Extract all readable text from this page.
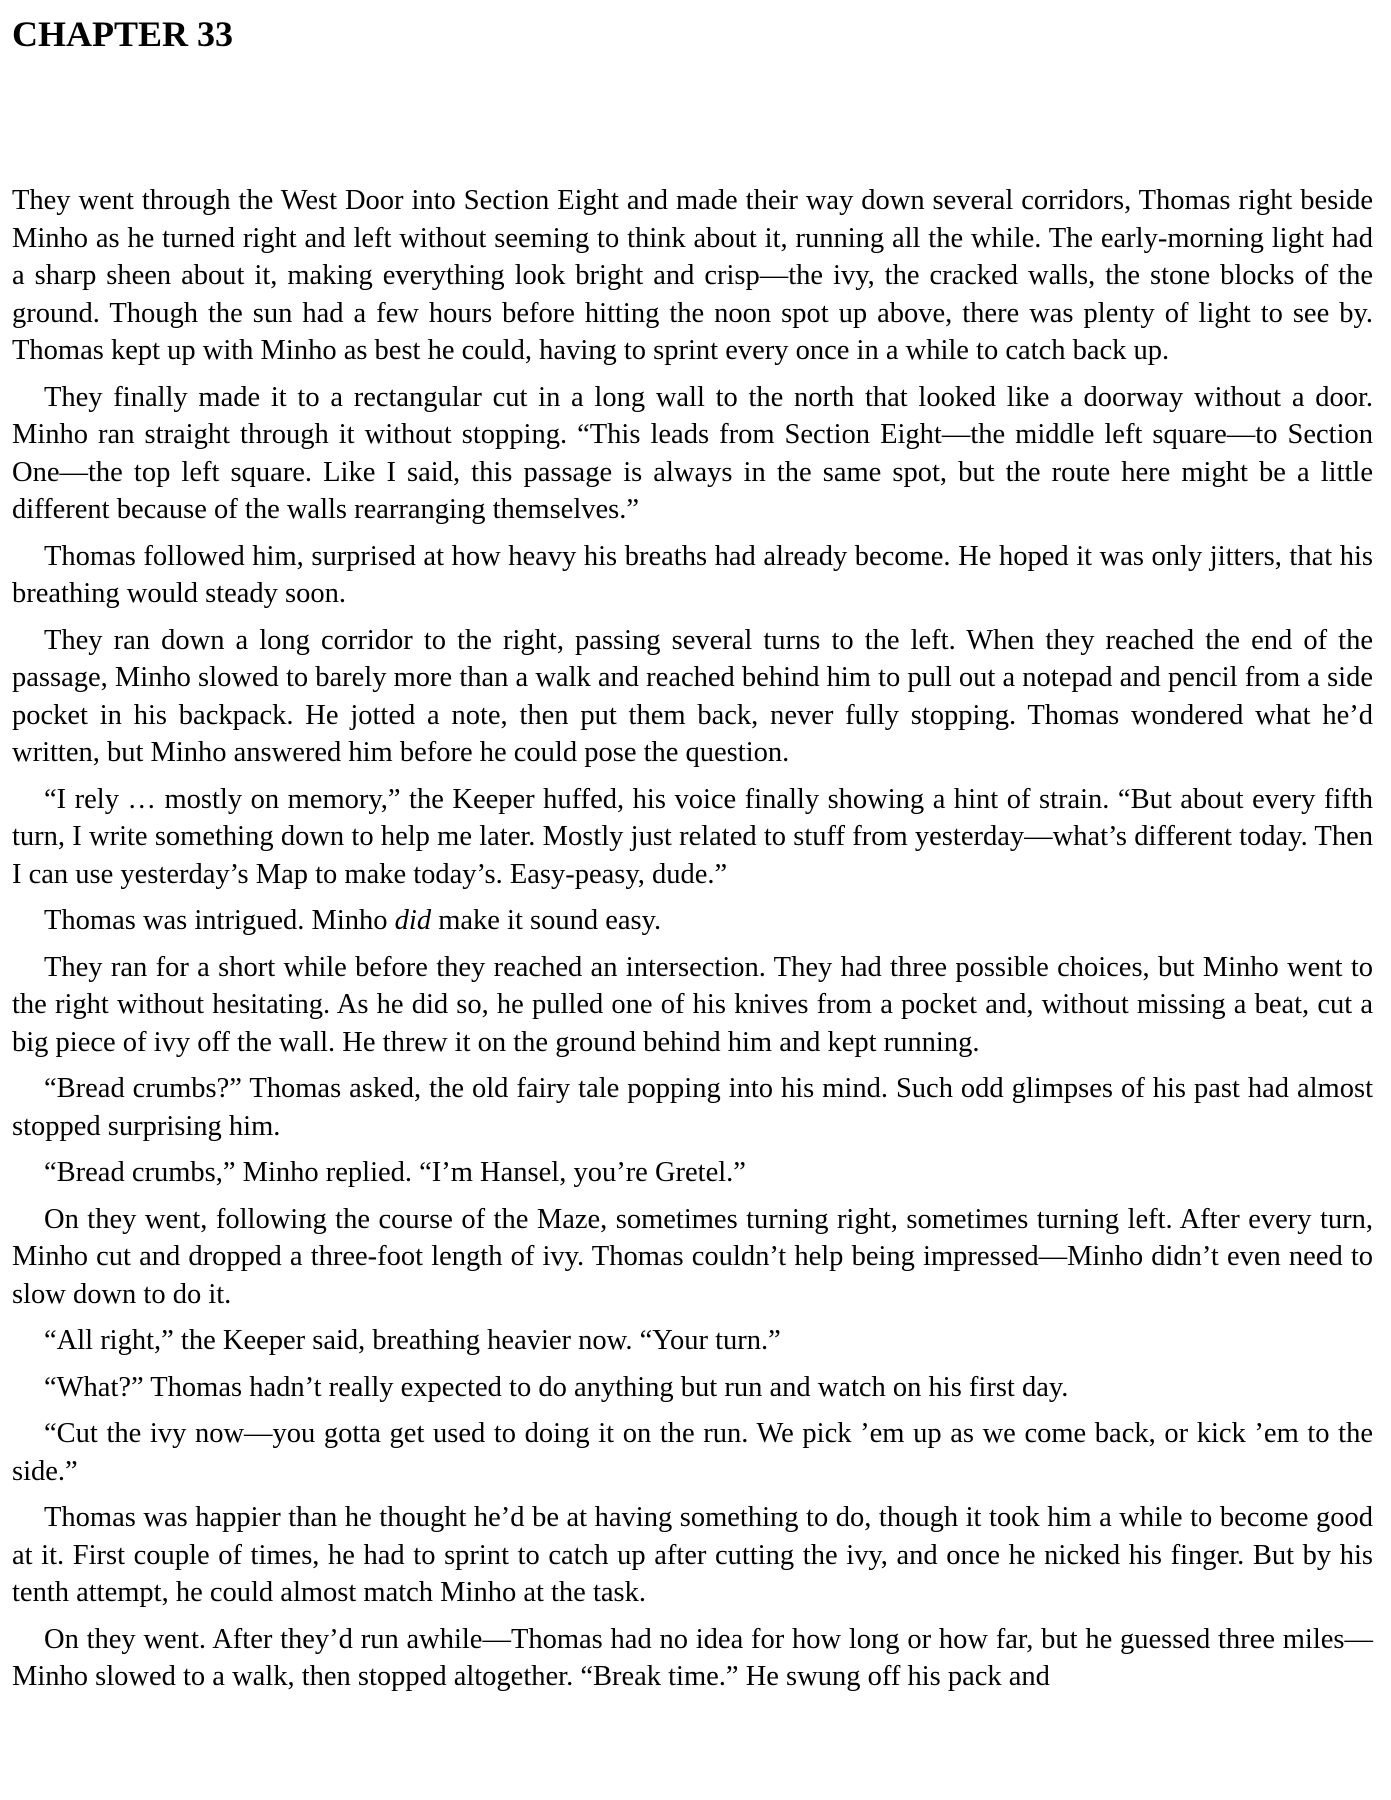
CHAPTER 33

They went through the West Door into Section Eight and made their way down several corridors, Thomas right beside Minho as he turned right and left without seeming to think about it, running all the while. The early-morning light had a sharp sheen about it, making everything look bright and crisp—the ivy, the cracked walls, the stone blocks of the ground. Though the sun had a few hours before hitting the noon spot up above, there was plenty of light to see by. Thomas kept up with Minho as best he could, having to sprint every once in a while to catch back up.

They finally made it to a rectangular cut in a long wall to the north that looked like a doorway without a door. Minho ran straight through it without stopping. “This leads from Section Eight—the middle left square—to Section One—the top left square. Like I said, this passage is always in the same spot, but the route here might be a little different because of the walls rearranging themselves.”

Thomas followed him, surprised at how heavy his breaths had already become. He hoped it was only jitters, that his breathing would steady soon.

They ran down a long corridor to the right, passing several turns to the left. When they reached the end of the passage, Minho slowed to barely more than a walk and reached behind him to pull out a notepad and pencil from a side pocket in his backpack. He jotted a note, then put them back, never fully stopping. Thomas wondered what he’d written, but Minho answered him before he could pose the question.

“I rely … mostly on memory,” the Keeper huffed, his voice finally showing a hint of strain. “But about every fifth turn, I write something down to help me later. Mostly just related to stuff from yesterday—what’s different today. Then I can use yesterday’s Map to make today’s. Easy-peasy, dude.”

Thomas was intrigued. Minho did make it sound easy.

They ran for a short while before they reached an intersection. They had three possible choices, but Minho went to the right without hesitating. As he did so, he pulled one of his knives from a pocket and, without missing a beat, cut a big piece of ivy off the wall. He threw it on the ground behind him and kept running.

“Bread crumbs?” Thomas asked, the old fairy tale popping into his mind. Such odd glimpses of his past had almost stopped surprising him.

“Bread crumbs,” Minho replied. “I’m Hansel, you’re Gretel.”

On they went, following the course of the Maze, sometimes turning right, sometimes turning left. After every turn, Minho cut and dropped a three-foot length of ivy. Thomas couldn’t help being impressed—Minho didn’t even need to slow down to do it.

“All right,” the Keeper said, breathing heavier now. “Your turn.”

“What?” Thomas hadn’t really expected to do anything but run and watch on his first day.

“Cut the ivy now—you gotta get used to doing it on the run. We pick ’em up as we come back, or kick ’em to the side.”

Thomas was happier than he thought he’d be at having something to do, though it took him a while to become good at it. First couple of times, he had to sprint to catch up after cutting the ivy, and once he nicked his finger. But by his tenth attempt, he could almost match Minho at the task.

On they went. After they’d run awhile—Thomas had no idea for how long or how far, but he guessed three miles—Minho slowed to a walk, then stopped altogether. “Break time.” He swung off his pack and
